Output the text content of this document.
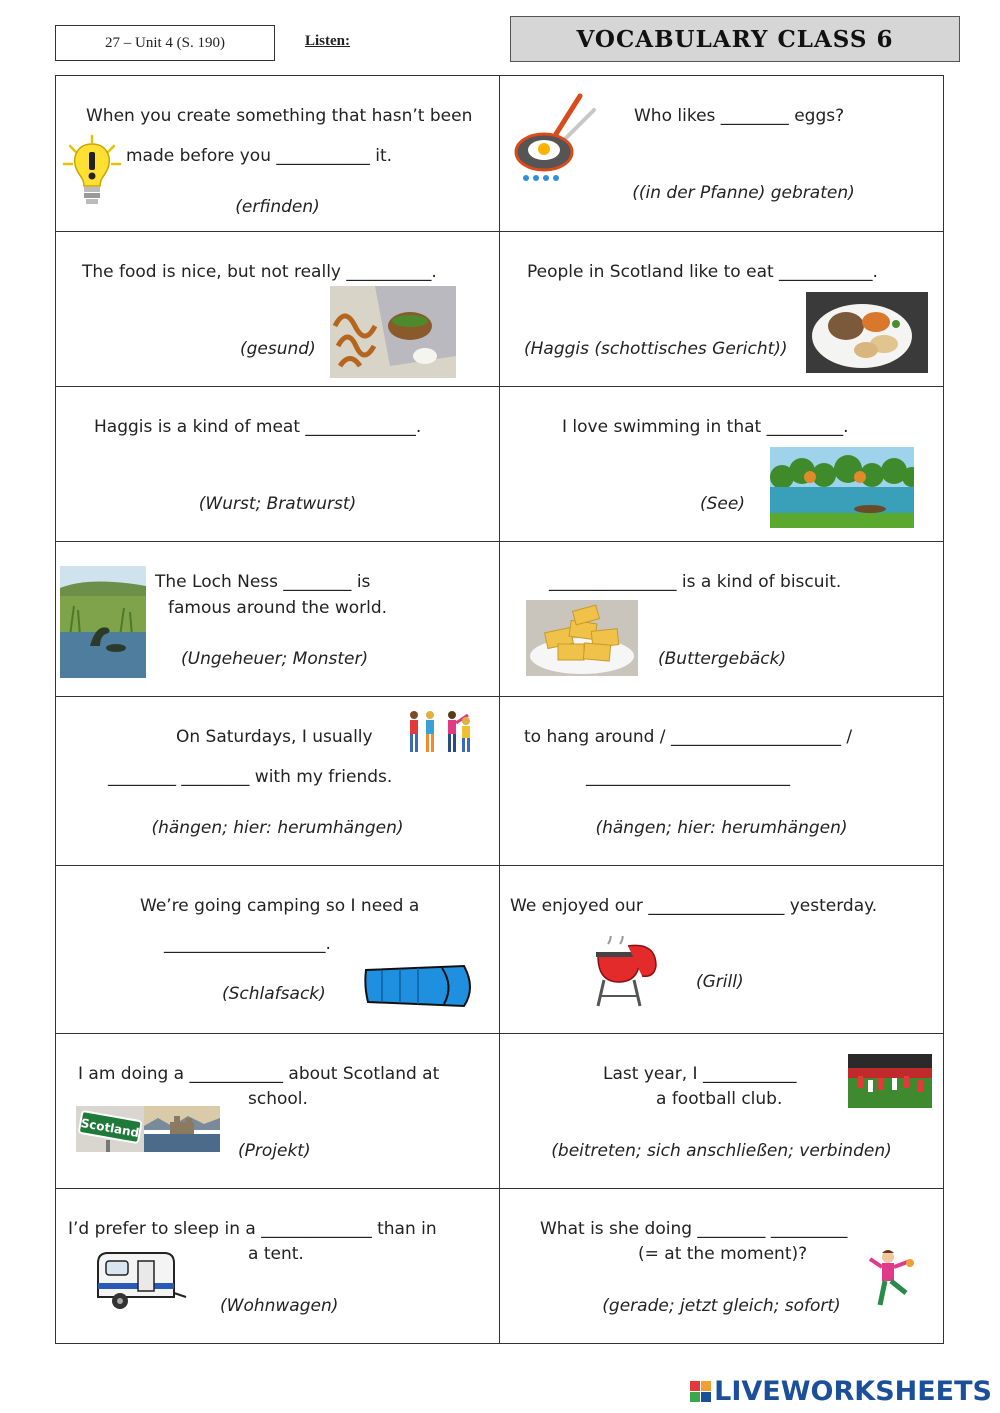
27 – Unit 4 (S. 190)	Listen:	VOCABULARY CLASS 6
When you create something that hasn’t been
made before you ___________ it.
(erfinden)
Who likes ________ eggs?
((in der Pfanne) gebraten)
The food is nice, but not really __________.
(gesund)
People in Scotland like to eat ___________.
(Haggis (schottisches Gericht))
Haggis is a kind of meat _____________.
(Wurst; Bratwurst)
I love swimming in that _________.
(See)
The Loch Ness ________ is
famous around the world.
(Ungeheuer; Monster)
_______________ is a kind of biscuit.
(Buttergebäck)
On Saturdays, I usually
________ ________ with my friends.
(hängen; hier: herumhängen)
to hang around / ____________________ /
________________________
(hängen; hier: herumhängen)
We’re going camping so I need a
___________________.
(Schlafsack)
We enjoyed our ________________ yesterday.
(Grill)
I am doing a ___________ about Scotland at
school.
(Projekt)
Scotland
Last year, I ___________
a football club.
(beitreten; sich anschließen; verbinden)
I’d prefer to sleep in a _____________ than in
a tent.
(Wohnwagen)
What is she doing ________ _________
(= at the moment)?
(gerade; jetzt gleich; sofort)
LIVEWORKSHEETS
